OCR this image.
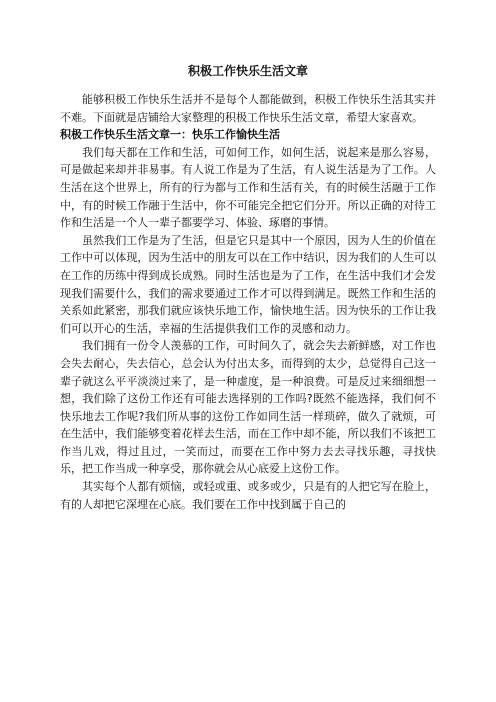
积极工作快乐生活文章

能够积极工作快乐生活并不是每个人都能做到，积极工作快乐生活其实并不难。下面就是店铺给大家整理的积极工作快乐生活文章，希望大家喜欢。

积极工作快乐生活文章一：快乐工作愉快生活

我们每天都在工作和生活，可如何工作，如何生活，说起来是那么容易，可是做起来却并非易事。有人说工作是为了生活，有人说生活是为了工作。人生活在这个世界上，所有的行为都与工作和生活有关，有的时候生活融于工作中，有的时候工作融于生活中，你不可能完全把它们分开。所以正确的对待工作和生活是一个人一辈子都要学习、体验、琢磨的事情。

虽然我们工作是为了生活，但是它只是其中一个原因，因为人生的价值在工作中可以体现，因为生活中的朋友可以在工作中结识，因为我们的人生可以在工作的历练中得到成长成熟。同时生活也是为了工作，在生活中我们才会发现我们需要什么，我们的需求要通过工作才可以得到满足。既然工作和生活的关系如此紧密，那我们就应该快乐地工作，愉快地生活。因为快乐的工作让我们可以开心的生活，幸福的生活提供我们工作的灵感和动力。

我们拥有一份令人羡慕的工作，可时间久了，就会失去新鲜感，对工作也会失去耐心，失去信心，总会认为付出太多，而得到的太少，总觉得自己这一辈子就这么平平淡淡过来了，是一种虚度，是一种浪费。可是反过来细细想一想，我们除了这份工作还有可能去选择别的工作吗?既然不能选择，我们何不快乐地去工作呢?我们所从事的这份工作如同生活一样琐碎，做久了就烦，可在生活中，我们能够变着花样去生活，而在工作中却不能，所以我们不该把工作当儿戏，得过且过，一笑而过，而要在工作中努力去去寻找乐趣，寻找快乐，把工作当成一种享受，那你就会从心底爱上这份工作。

其实每个人都有烦恼，或轻或重、或多或少，只是有的人把它写在脸上，有的人却把它深埋在心底。我们要在工作中找到属于自己的
